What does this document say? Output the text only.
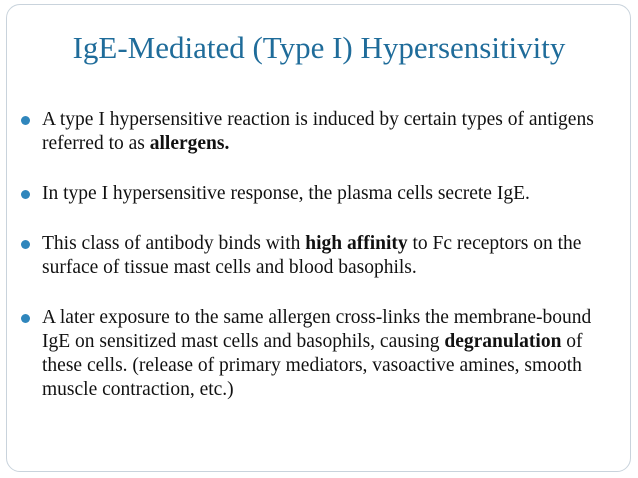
IgE-Mediated (Type I) Hypersensitivity
A type I hypersensitive reaction is induced by certain types of antigens referred to as allergens.
In type I hypersensitive response, the plasma cells secrete IgE.
This class of antibody binds with high affinity to Fc receptors on the surface of tissue mast cells and blood basophils.
A later exposure to the same allergen cross-links the membrane-bound IgE on sensitized mast cells and basophils, causing degranulation of these cells. (release of primary mediators, vasoactive amines, smooth muscle contraction, etc.)
